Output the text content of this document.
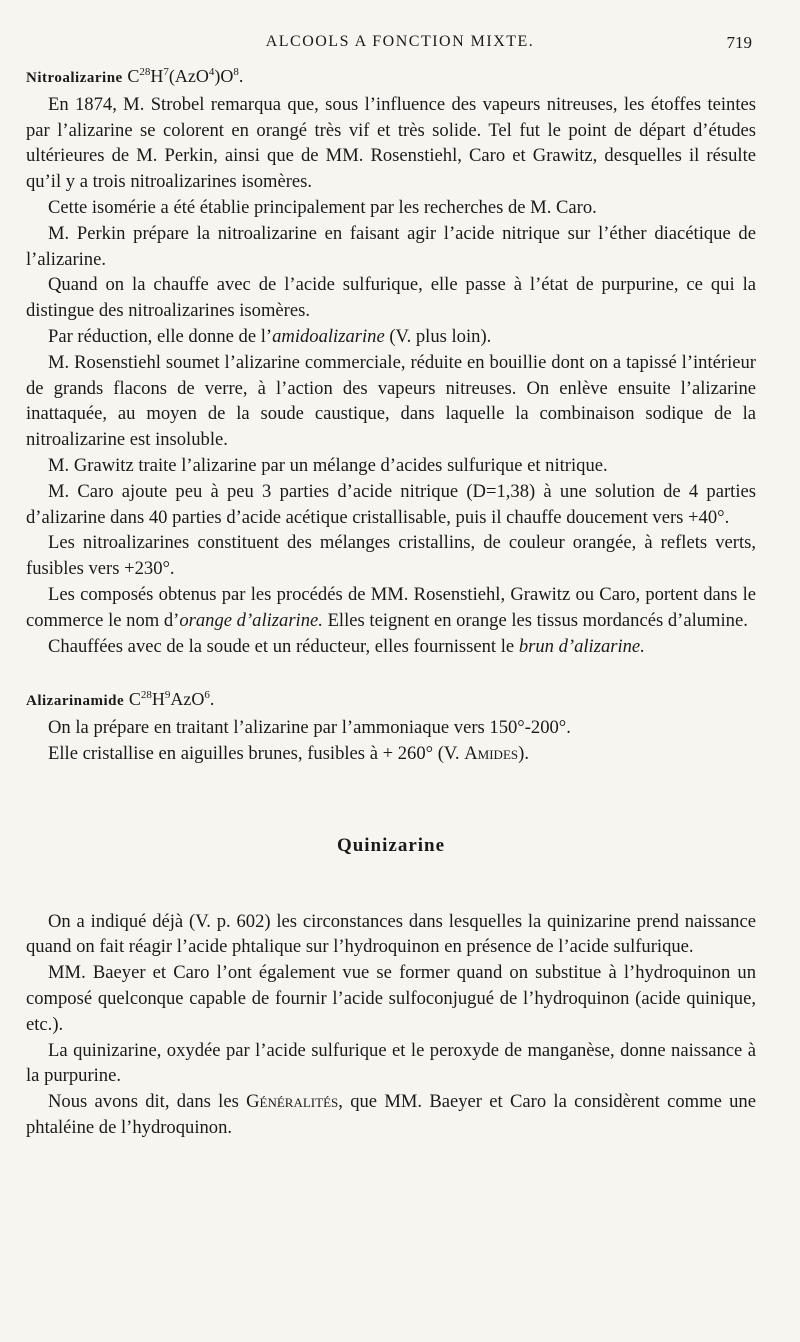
ALCOOLS A FONCTION MIXTE.	719

Nitroalizarine $C^{28}H^7(AzO^4)O^8$.

En 1874, M. Strobel remarqua que, sous l’influence des vapeurs nitreuses, les étoffes teintes par l’alizarine se colorent en orangé très vif et très solide. Tel fut le point de départ d’études ultérieures de M. Perkin, ainsi que de MM. Rosenstiehl, Caro et Grawitz, desquelles il résulte qu’il y a trois nitroalizarines isomères.

Cette isomérie a été établie principalement par les recherches de M. Caro.

M. Perkin prépare la nitroalizarine en faisant agir l’acide nitrique sur l’éther diacétique de l’alizarine.

Quand on la chauffe avec de l’acide sulfurique, elle passe à l’état de purpurine, ce qui la distingue des nitroalizarines isomères.

Par réduction, elle donne de l’amidoalizarine (V. plus loin).

M. Rosenstiehl soumet l’alizarine commerciale, réduite en bouillie dont on a tapissé l’intérieur de grands flacons de verre, à l’action des vapeurs nitreuses. On enlève ensuite l’alizarine inattaquée, au moyen de la soude caustique, dans laquelle la combinaison sodique de la nitroalizarine est insoluble.

M. Grawitz traite l’alizarine par un mélange d’acides sulfurique et nitrique.

M. Caro ajoute peu à peu 3 parties d’acide nitrique (D=1,38) à une solution de 4 parties d’alizarine dans 40 parties d’acide acétique cristallisable, puis il chauffe doucement vers +40°.

Les nitroalizarines constituent des mélanges cristallins, de couleur orangée, à reflets verts, fusibles vers +230°.

Les composés obtenus par les procédés de MM. Rosenstiehl, Grawitz ou Caro, portent dans le commerce le nom d’orange d’alizarine. Elles teignent en orange les tissus mordancés d’alumine.

Chauffées avec de la soude et un réducteur, elles fournissent le brun d’alizarine.

Alizarinamide $C^{28}H^9AzO^6$.

On la prépare en traitant l’alizarine par l’ammoniaque vers 150°-200°.

Elle cristallise en aiguilles brunes, fusibles à + 260° (V. Amides).

Quinizarine

On a indiqué déjà (V. p. 602) les circonstances dans lesquelles la quinizarine prend naissance quand on fait réagir l’acide phtalique sur l’hydroquinon en présence de l’acide sulfurique.

MM. Baeyer et Caro l’ont également vue se former quand on substitue à l’hydroquinon un composé quelconque capable de fournir l’acide sulfoconjugué de l’hydroquinon (acide quinique, etc.).

La quinizarine, oxydée par l’acide sulfurique et le peroxyde de manganèse, donne naissance à la purpurine.

Nous avons dit, dans les Généralités, que MM. Baeyer et Caro la considèrent comme une phtaléine de l’hydroquinon.
